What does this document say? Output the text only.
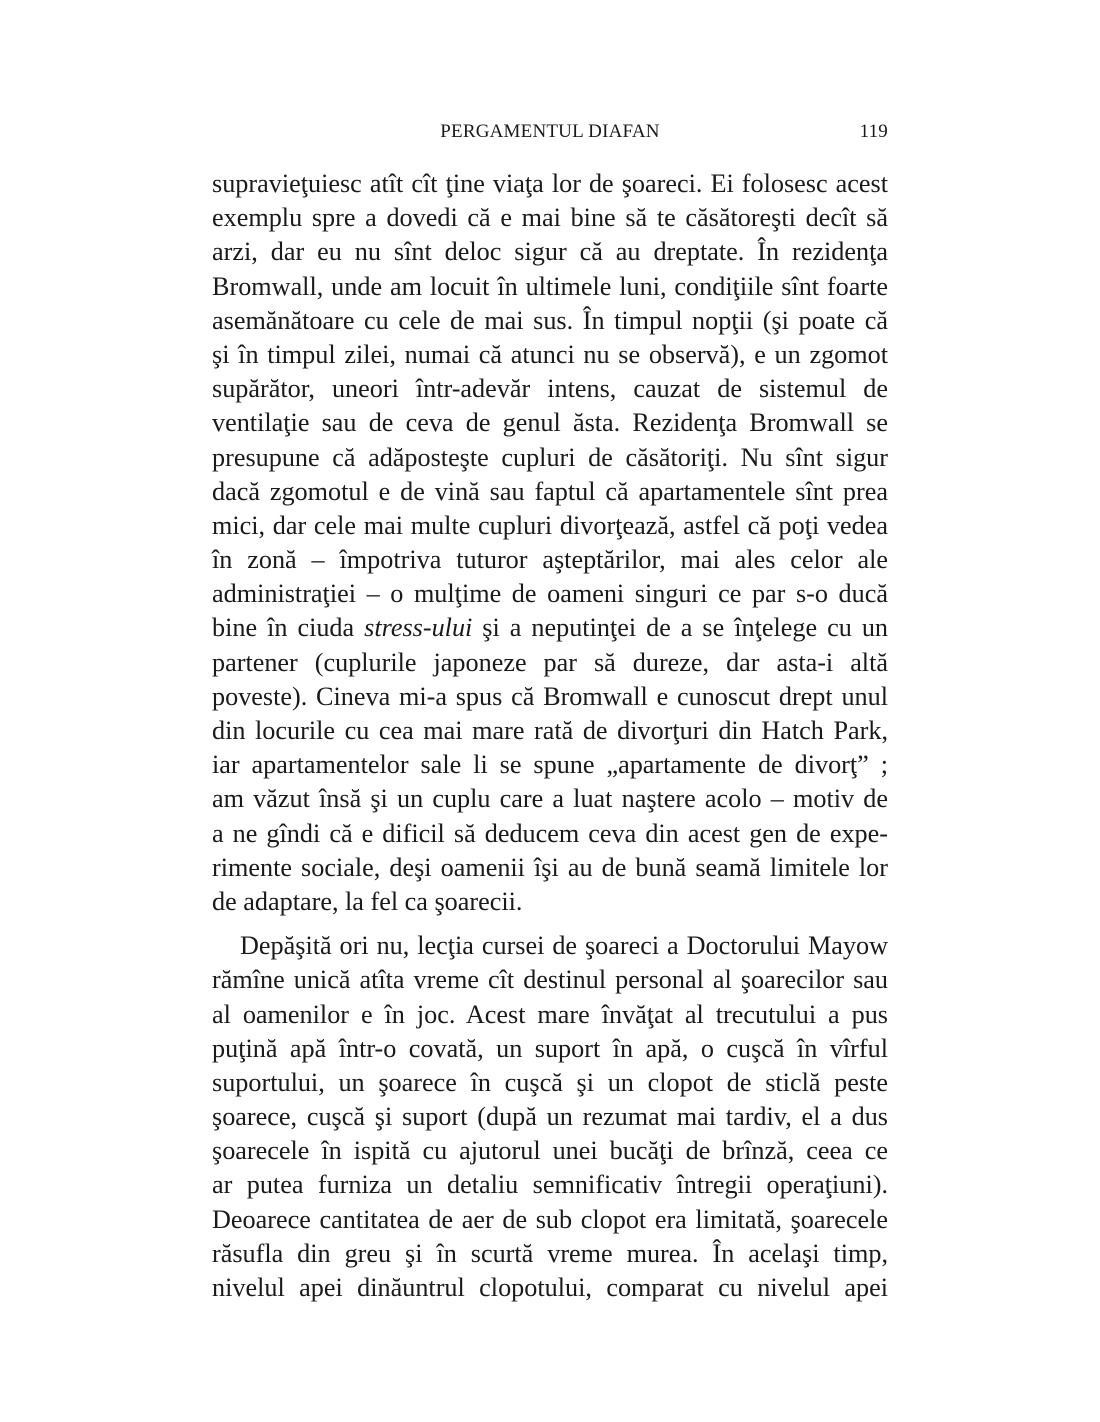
PERGAMENTUL DIAFAN	119
supravieţuiesc atît cît ţine viaţa lor de şoareci. Ei folosesc acest
exemplu spre a dovedi că e mai bine să te căsătoreşti decît să
arzi, dar eu nu sînt deloc sigur că au dreptate. În rezidenţa
Bromwall, unde am locuit în ultimele luni, condiţiile sînt foarte
asemănătoare cu cele de mai sus. În timpul nopţii (şi poate că
şi în timpul zilei, numai că atunci nu se observă), e un zgomot
supărător, uneori într-adevăr intens, cauzat de sistemul de
ventilaţie sau de ceva de genul ăsta. Rezidenţa Bromwall se
presupune că adăposteşte cupluri de căsătoriţi. Nu sînt sigur
dacă zgomotul e de vină sau faptul că apartamentele sînt prea
mici, dar cele mai multe cupluri divorţează, astfel că poţi vedea
în zonă – împotriva tuturor aşteptărilor, mai ales celor ale
administraţiei – o mulţime de oameni singuri ce par s-o ducă
bine în ciuda stress-ului şi a neputinţei de a se înţelege cu un
partener (cuplurile japoneze par să dureze, dar asta-i altă
poveste). Cineva mi-a spus că Bromwall e cunoscut drept unul
din locurile cu cea mai mare rată de divorţuri din Hatch Park,
iar apartamentelor sale li se spune „apartamente de divorţ” ;
am văzut însă şi un cuplu care a luat naştere acolo – motiv de
a ne gîndi că e dificil să deducem ceva din acest gen de expe-
rimente sociale, deşi oamenii îşi au de bună seamă limitele lor
de adaptare, la fel ca şoarecii.
Depăşită ori nu, lecţia cursei de şoareci a Doctorului Mayow
rămîne unică atîta vreme cît destinul personal al şoarecilor sau
al oamenilor e în joc. Acest mare învăţat al trecutului a pus
puţină apă într-o covată, un suport în apă, o cuşcă în vîrful
suportului, un şoarece în cuşcă şi un clopot de sticlă peste
şoarece, cuşcă şi suport (după un rezumat mai tardiv, el a dus
şoarecele în ispită cu ajutorul unei bucăţi de brînză, ceea ce
ar putea furniza un detaliu semnificativ întregii operaţiuni).
Deoarece cantitatea de aer de sub clopot era limitată, şoarecele
răsufla din greu şi în scurtă vreme murea. În acelaşi timp,
nivelul apei dinăuntrul clopotului, comparat cu nivelul apei
